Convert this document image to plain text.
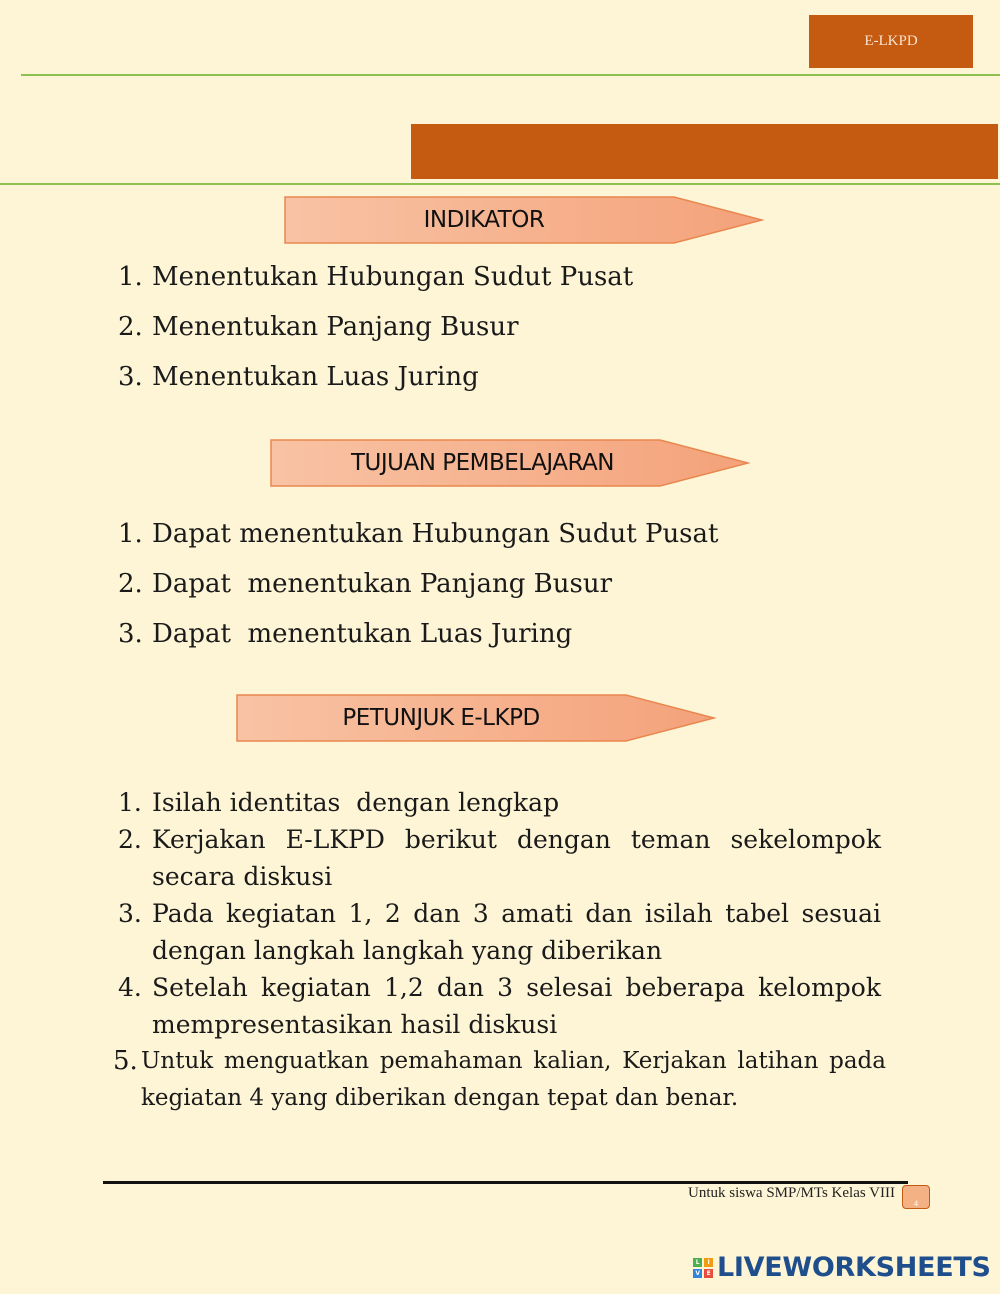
E-LKPD
INDIKATOR
1. Menentukan Hubungan Sudut Pusat
2. Menentukan Panjang Busur
3. Menentukan Luas Juring
TUJUAN PEMBELAJARAN
1. Dapat menentukan Hubungan Sudut Pusat
2. Dapat  menentukan Panjang Busur
3. Dapat  menentukan Luas Juring
PETUNJUK E-LKPD
1. Isilah identitas  dengan lengkap
2. Kerjakan E-LKPD berikut dengan teman sekelompok secara diskusi
3. Pada kegiatan 1, 2 dan 3 amati dan isilah tabel sesuai dengan langkah langkah yang diberikan
4. Setelah kegiatan 1,2 dan 3 selesai beberapa kelompok mempresentasikan hasil diskusi
5. Untuk menguatkan pemahaman kalian, Kerjakan latihan pada kegiatan 4 yang diberikan dengan tepat dan benar.
Untuk siswa SMP/MTs Kelas VIII
4
L	I
V	E LIVEWORKSHEETS
